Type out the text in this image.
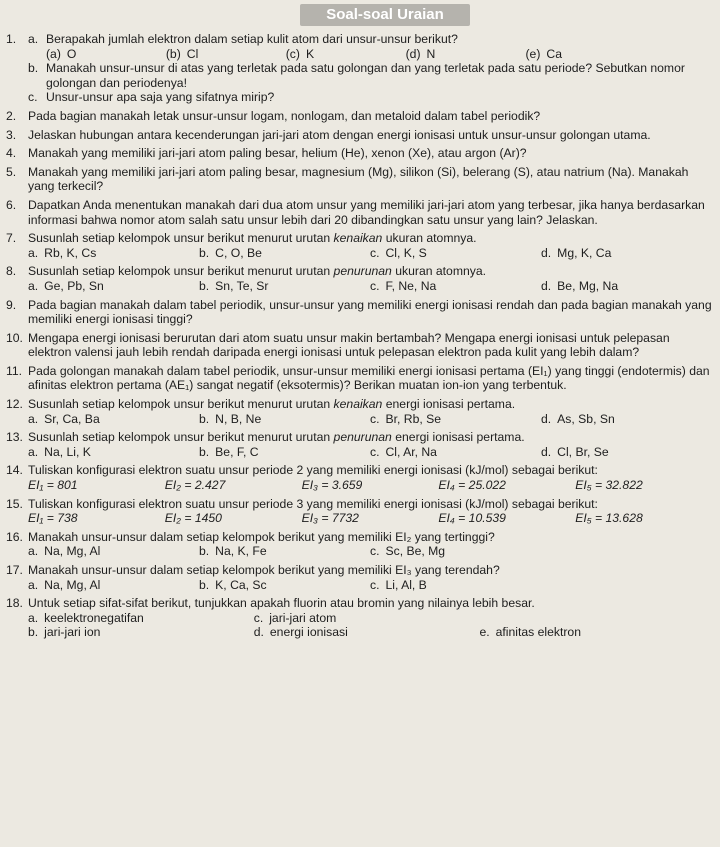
Soal-soal Uraian
1. a. Berapakah jumlah elektron dalam setiap kulit atom dari unsur-unsur berikut?
(a) O	(b) Cl	(c) K	(d) N	(e) Ca
b. Manakah unsur-unsur di atas yang terletak pada satu golongan dan yang terletak pada satu periode? Sebutkan nomor golongan dan periodenya!
c. Unsur-unsur apa saja yang sifatnya mirip?
2. Pada bagian manakah letak unsur-unsur logam, nonlogam, dan metaloid dalam tabel periodik?
3. Jelaskan hubungan antara kecenderungan jari-jari atom dengan energi ionisasi untuk unsur-unsur golongan utama.
4. Manakah yang memiliki jari-jari atom paling besar, helium (He), xenon (Xe), atau argon (Ar)?
5. Manakah yang memiliki jari-jari atom paling besar, magnesium (Mg), silikon (Si), belerang (S), atau natrium (Na). Manakah yang terkecil?
6. Dapatkan Anda menentukan manakah dari dua atom unsur yang memiliki jari-jari atom yang terbesar, jika hanya berdasarkan informasi bahwa nomor atom salah satu unsur lebih dari 20 dibandingkan satu unsur yang lain? Jelaskan.
7. Susunlah setiap kelompok unsur berikut menurut urutan kenaikan ukuran atomnya.
a. Rb, K, Cs	b. C, O, Be	c. Cl, K, S	d. Mg, K, Ca
8. Susunlah setiap kelompok unsur berikut menurut urutan penurunan ukuran atomnya.
a. Ge, Pb, Sn	b. Sn, Te, Sr	c. F, Ne, Na	d. Be, Mg, Na
9. Pada bagian manakah dalam tabel periodik, unsur-unsur yang memiliki energi ionisasi rendah dan pada bagian manakah yang memiliki energi ionisasi tinggi?
10. Mengapa energi ionisasi berurutan dari atom suatu unsur makin bertambah? Mengapa energi ionisasi untuk pelepasan elektron valensi jauh lebih rendah daripada energi ionisasi untuk pelepasan elektron pada kulit yang lebih dalam?
11. Pada golongan manakah dalam tabel periodik, unsur-unsur memiliki energi ionisasi pertama (EI₁) yang tinggi (endotermis) dan afinitas elektron pertama (AE₁) sangat negatif (eksotermis)? Berikan muatan ion-ion yang terbentuk.
12. Susunlah setiap kelompok unsur berikut menurut urutan kenaikan energi ionisasi pertama.
a. Sr, Ca, Ba	b. N, B, Ne	c. Br, Rb, Se	d. As, Sb, Sn
13. Susunlah setiap kelompok unsur berikut menurut urutan penurunan energi ionisasi pertama.
a. Na, Li, K	b. Be, F, C	c. Cl, Ar, Na	d. Cl, Br, Se
14. Tuliskan konfigurasi elektron suatu unsur periode 2 yang memiliki energi ionisasi (kJ/mol) sebagai berikut:
EI₁ = 801	EI₂ = 2.427	EI₃ = 3.659	EI₄ = 25.022	EI₅ = 32.822
15. Tuliskan konfigurasi elektron suatu unsur periode 3 yang memiliki energi ionisasi (kJ/mol) sebagai berikut:
EI₁ = 738	EI₂ = 1450	EI₃ = 7732	EI₄ = 10.539	EI₅ = 13.628
16. Manakah unsur-unsur dalam setiap kelompok berikut yang memiliki EI₂ yang tertinggi?
a. Na, Mg, Al	b. Na, K, Fe	c. Sc, Be, Mg
17. Manakah unsur-unsur dalam setiap kelompok berikut yang memiliki EI₃ yang terendah?
a. Na, Mg, Al	b. K, Ca, Sc	c. Li, Al, B
18. Untuk setiap sifat-sifat berikut, tunjukkan apakah fluorin atau bromin yang nilainya lebih besar.
a. keelektronegatifan	c. jari-jari atom
b. jari-jari ion	d. energi ionisasi	e. afinitas elektron
